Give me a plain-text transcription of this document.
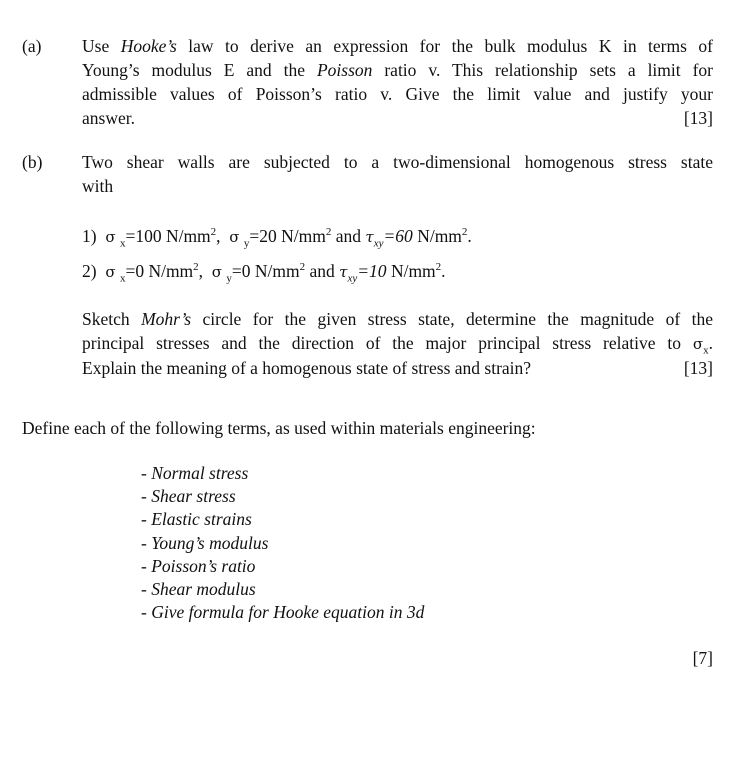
(a) Use Hooke’s law to derive an expression for the bulk modulus K in terms of
Young’s modulus E and the Poisson ratio v. This relationship sets a limit for
admissible values of Poisson’s ratio v. Give the limit value and justify your
answer.	[13]
(b) Two shear walls are subjected to a two-dimensional homogenous stress state
with
1) σ $_x$=100 $N/mm^2$,  σ $_y$=20 $N/mm^2$ and $\tau_{xy}=60$ $N/mm^2$.
2) σ $_x$=0 $N/mm^2$,  σ $_y$=0 $N/mm^2$ and $\tau_{xy}=10$ $N/mm^2$.
Sketch Mohr’s circle for the given stress state, determine the magnitude of the
principal stresses and the direction of the major principal stress relative to $\sigma_x$.
Explain the meaning of a homogenous state of stress and strain?	[13]
Define each of the following terms, as used within materials engineering:
- Normal stress
- Shear stress
- Elastic strains
- Young’s modulus
- Poisson’s ratio
- Shear modulus
- Give formula for Hooke equation in 3d
[7]
